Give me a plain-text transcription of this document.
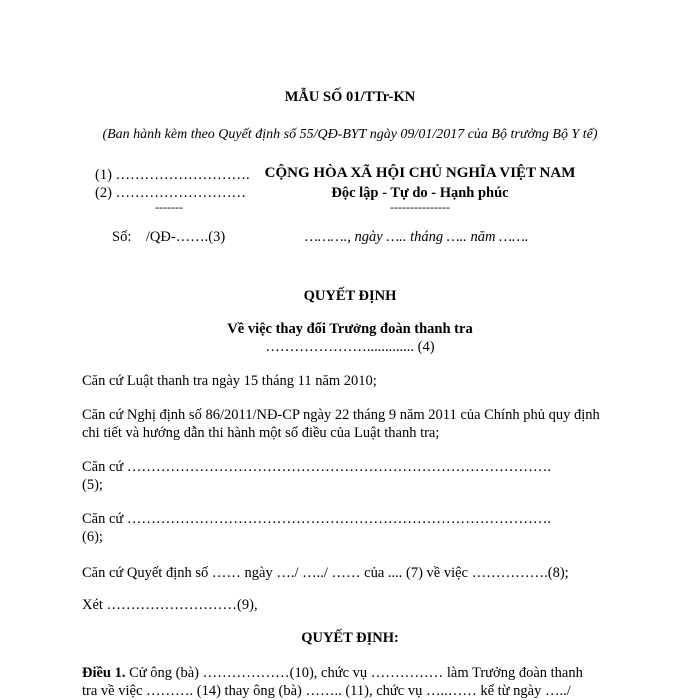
MẪU SỐ 01/TTr-KN
(Ban hành kèm theo Quyết định số 55/QĐ-BYT ngày 09/01/2017 của Bộ trưởng Bộ Y tế)
(1) ……………………….
(2) ………………………
-------
CỘNG HÒA XÃ HỘI CHỦ NGHĨA VIỆT NAM
Độc lập - Tự do - Hạnh phúc
---------------
Số:    /QĐ-…….(3)	………., ngày ….. tháng ….. năm …….
QUYẾT ĐỊNH
Về việc thay đổi Trưởng đoàn thanh tra
…………………............. (4)
Căn cứ Luật thanh tra ngày 15 tháng 11 năm 2010;
Căn cứ Nghị định số 86/2011/NĐ-CP ngày 22 tháng 9 năm 2011 của Chính phủ quy định
chi tiết và hướng dẫn thi hành một số điều của Luật thanh tra;
Căn cứ …………………………………………………………………………….
(5);
Căn cứ …………………………………………………………………………….
(6);
Căn cứ Quyết định số …… ngày …./ …../ …… của .... (7) về việc …………….(8);
Xét ………………………(9),
QUYẾT ĐỊNH:
Điều 1. Cử ông (bà) ………………(10), chức vụ …………… làm Trưởng đoàn thanh
tra về việc ………. (14) thay ông (bà) …….. (11), chức vụ …..…… kể từ ngày …../
